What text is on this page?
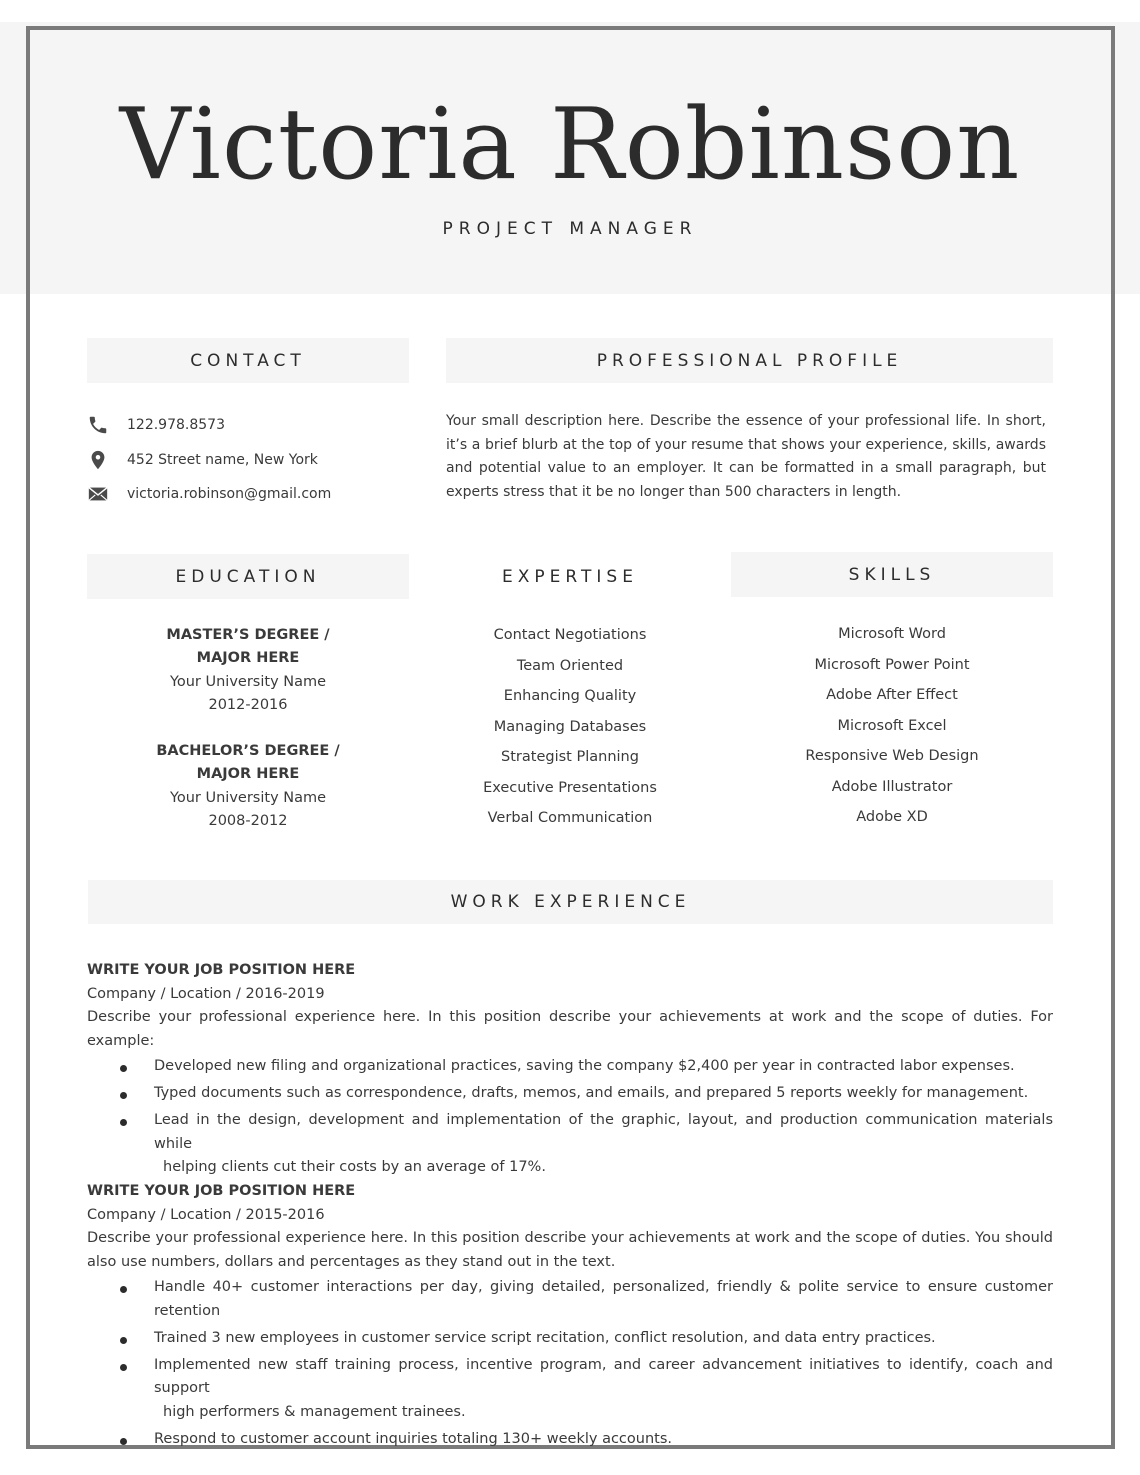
Victoria Robinson
PROJECT MANAGER
CONTACT
122.978.8573
452 Street name, New York
victoria.robinson@gmail.com
PROFESSIONAL PROFILE
Your small description here. Describe the essence of your professional life. In short, it’s a brief blurb at the top of your resume that shows your experience, skills, awards and potential value to an employer. It can be formatted in a small paragraph, but experts stress that it be no longer than 500 characters in length.
EDUCATION
MASTER’S DEGREE /
MAJOR HERE
Your University Name
2012-2016
BACHELOR’S DEGREE /
MAJOR HERE
Your University Name
2008-2012
EXPERTISE
Contact Negotiations
Team Oriented
Enhancing Quality
Managing Databases
Strategist Planning
Executive Presentations
Verbal Communication
SKILLS
Microsoft Word
Microsoft Power Point
Adobe After Effect
Microsoft Excel
Responsive Web Design
Adobe Illustrator
Adobe XD
WORK EXPERIENCE
WRITE YOUR JOB POSITION HERE
Company / Location / 2016-2019
Describe your professional experience here. In this position describe your achievements at work and the scope of duties. For example:
Developed new filing and organizational practices, saving the company $2,400 per year in contracted labor expenses.
Typed documents such as correspondence, drafts, memos, and emails, and prepared 5 reports weekly for management.
Lead in the design, development and implementation of the graphic, layout, and production communication materials while
helping clients cut their costs by an average of 17%.
WRITE YOUR JOB POSITION HERE
Company / Location / 2015-2016
Describe your professional experience here. In this position describe your achievements at work and the scope of duties. You should also use numbers, dollars and percentages as they stand out in the text.
Handle 40+ customer interactions per day, giving detailed, personalized, friendly & polite service to ensure customer retention
Trained 3 new employees in customer service script recitation, conflict resolution, and data entry practices.
Implemented new staff training process, incentive program, and career advancement initiatives to identify, coach and support
high performers & management trainees.
Respond to customer account inquiries totaling 130+ weekly accounts.
